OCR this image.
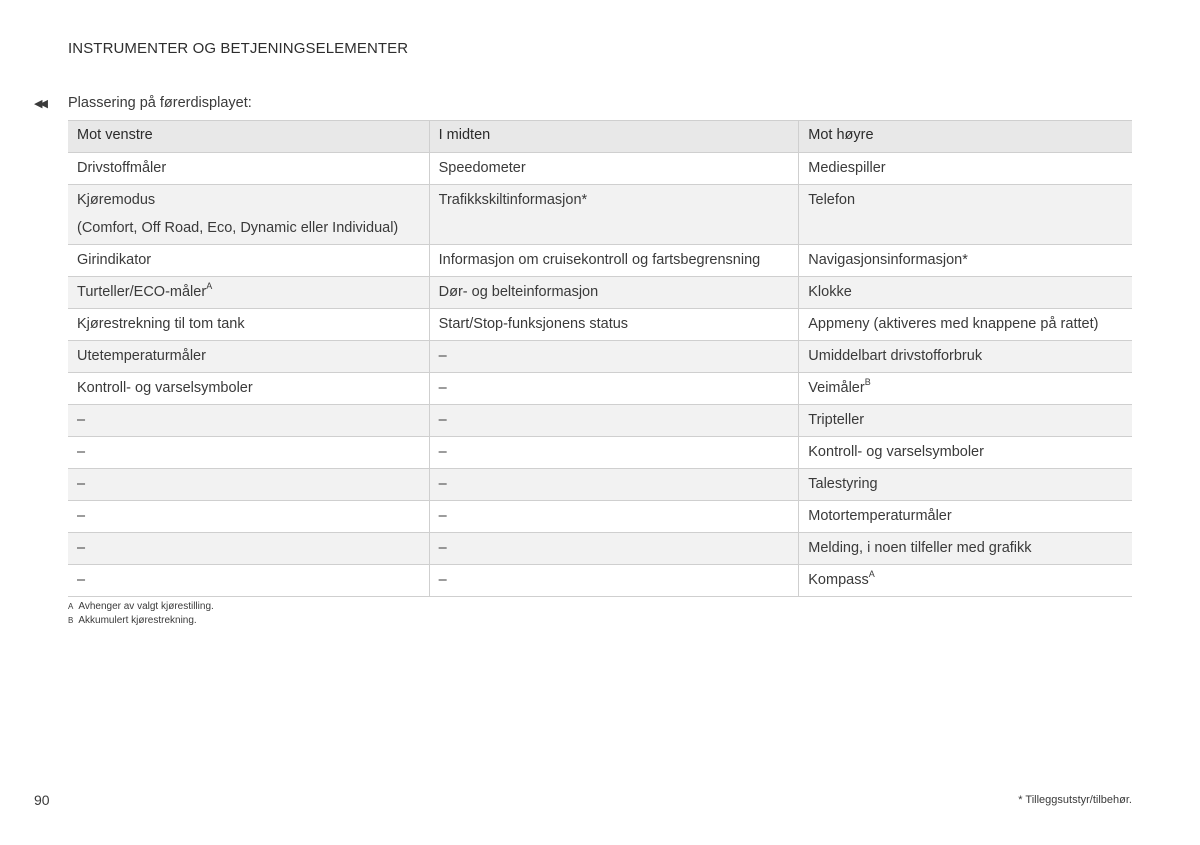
INSTRUMENTER OG BETJENINGSELEMENTER
◀◀	Plassering på førerdisplayet:
Mot venstre	I midten	Mot høyre
Drivstoffmåler	Speedometer	Mediespiller
Kjøremodus
(Comfort, Off Road, Eco, Dynamic eller Individual)	Trafikkskiltinformasjon*	Telefon
Girindikator	Informasjon om cruisekontroll og fartsbegrensning	Navigasjonsinformasjon*
Turteller/ECO-måler$^A$	Dør- og belteinformasjon	Klokke
Kjørestrekning til tom tank	Start/Stop-funksjonens status	Appmeny (aktiveres med knappene på rattet)
Utetemperaturmåler	–	Umiddelbart drivstofforbruk
Kontroll- og varselsymboler	–	Veimåler$^B$
–	–	Tripteller
–	–	Kontroll- og varselsymboler
–	–	Talestyring
–	–	Motortemperaturmåler
–	–	Melding, i noen tilfeller med grafikk
–	–	Kompass$^A$
A Avhenger av valgt kjørestilling.
B Akkumulert kjørestrekning.
90	* Tilleggsutstyr/tilbehør.
